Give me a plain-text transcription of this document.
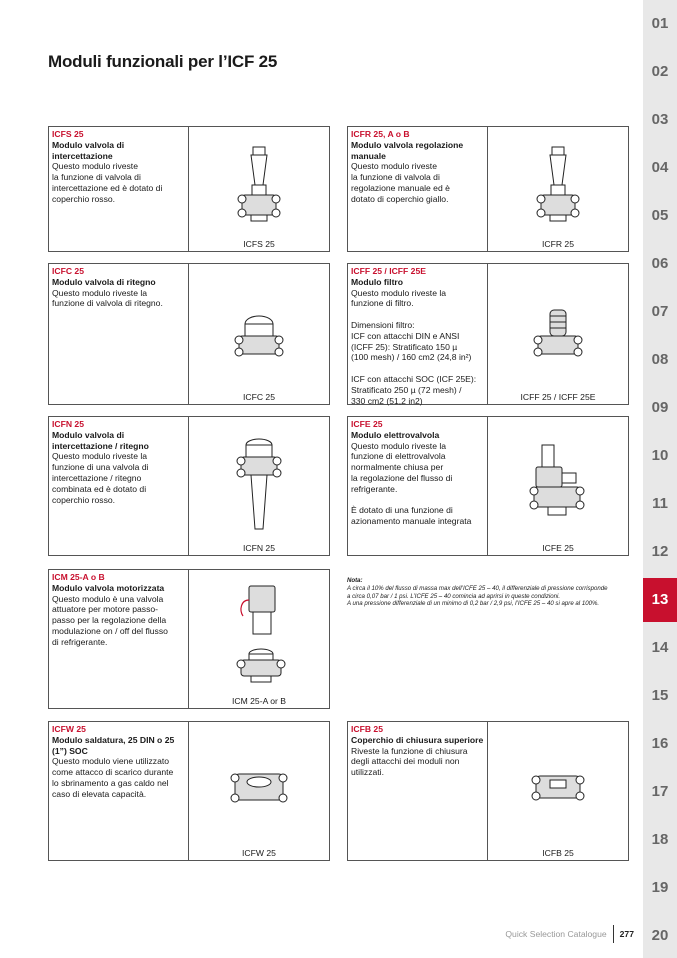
Moduli funzionali per l’ICF 25
ICFS 25
Modulo valvola di intercettazione
Questo modulo riveste
la funzione di valvola di
intercettazione ed è dotato di
coperchio rosso.
ICFS 25
ICFR 25, A o B
Modulo valvola regolazione manuale
Questo modulo riveste
la funzione di valvola di
regolazione manuale ed è
dotato di coperchio giallo.
ICFR 25
ICFC 25
Modulo valvola di ritegno
Questo modulo riveste la
funzione di valvola di ritegno.
ICFC 25
ICFF 25 / ICFF 25E
Modulo filtro
Questo modulo riveste la
funzione di filtro.

Dimensioni filtro:
ICF con attacchi DIN e ANSI
(ICFF 25): Stratificato 150 µ
(100 mesh) / 160 cm2 (24,8 in²)

ICF con attacchi SOC (ICF 25E):
Stratificato 250 µ (72 mesh) /
330 cm2 (51,2 in2)	ICFF 25 / ICFF 25E
ICFN 25
Modulo valvola di intercettazione / ritegno
Questo modulo riveste la
funzione di una valvola di
intercettazione / ritegno
combinata ed è dotato di
coperchio rosso.
ICFN 25
ICFE 25
Modulo elettrovalvola
Questo modulo riveste la
funzione di elettrovalvola
normalmente chiusa per
la regolazione del flusso di
refrigerante.

È dotato di una funzione di
azionamento manuale integrata
ICFE 25
ICM 25-A o B
Modulo valvola motorizzata
Questo modulo è una valvola
attuatore per motore passo-
passo per la regolazione della
modulazione on / off del flusso
di refrigerante.
ICM 25-A or B
Nota:
A circa il 10% del flusso di massa max dell’ICFE 25 – 40, il differenziale di pressione corrisponde
a circa 0,07 bar / 1 psi. L’ICFE 25 – 40 comincia ad aprirsi in queste condizioni.
A una pressione differenziale di un minimo di 0,2 bar / 2,9 psi, l’ICFE 25 – 40 si apre al 100%.
ICFW 25
Modulo saldatura, 25 DIN o 25 (1”) SOC
Questo modulo viene utilizzato
come attacco di scarico durante
lo sbrinamento a gas caldo nel
caso di elevata capacità.
ICFW 25
ICFB 25
Coperchio di chiusura superiore
Riveste la funzione di chiusura
degli attacchi dei moduli non
utilizzati.
ICFB 25
01
02
03
04
05
06
07
08
09
10
11
12
13
14
15
16
17
18
19
20
Quick Selection Catalogue 277
